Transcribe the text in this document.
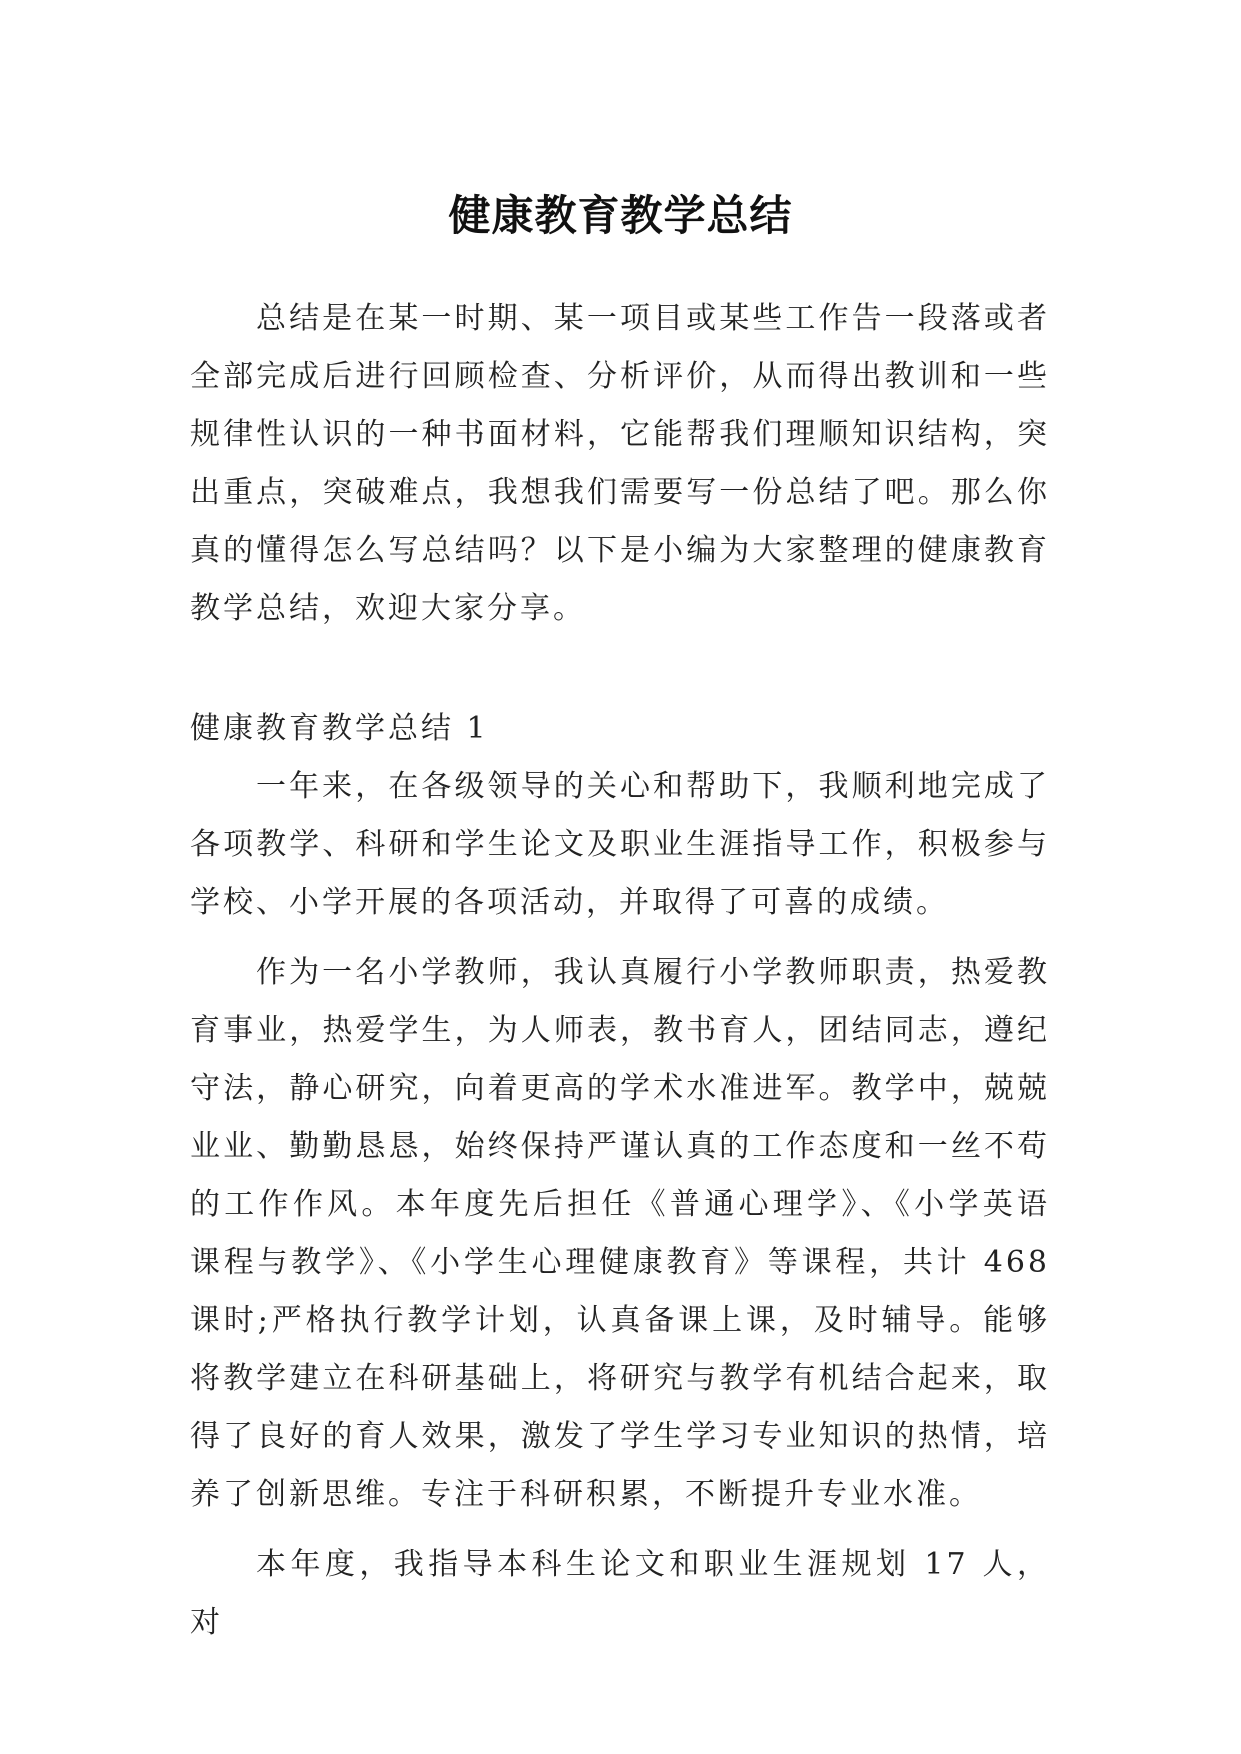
健康教育教学总结

总结是在某一时期、某一项目或某些工作告一段落或者全部完成后进行回顾检查、分析评价，从而得出教训和一些规律性认识的一种书面材料，它能帮我们理顺知识结构，突出重点，突破难点，我想我们需要写一份总结了吧。那么你真的懂得怎么写总结吗？以下是小编为大家整理的健康教育教学总结，欢迎大家分享。

健康教育教学总结 1

一年来，在各级领导的关心和帮助下，我顺利地完成了各项教学、科研和学生论文及职业生涯指导工作，积极参与学校、小学开展的各项活动，并取得了可喜的成绩。

作为一名小学教师，我认真履行小学教师职责，热爱教育事业，热爱学生，为人师表，教书育人，团结同志，遵纪守法，静心研究，向着更高的学术水准进军。教学中，兢兢业业、勤勤恳恳，始终保持严谨认真的工作态度和一丝不苟的工作作风。本年度先后担任《普通心理学》、《小学英语课程与教学》、《小学生心理健康教育》等课程，共计 468 课时;严格执行教学计划，认真备课上课，及时辅导。能够将教学建立在科研基础上，将研究与教学有机结合起来，取得了良好的育人效果，激发了学生学习专业知识的热情，培养了创新思维。专注于科研积累，不断提升专业水准。

本年度，我指导本科生论文和职业生涯规划 17 人，对
